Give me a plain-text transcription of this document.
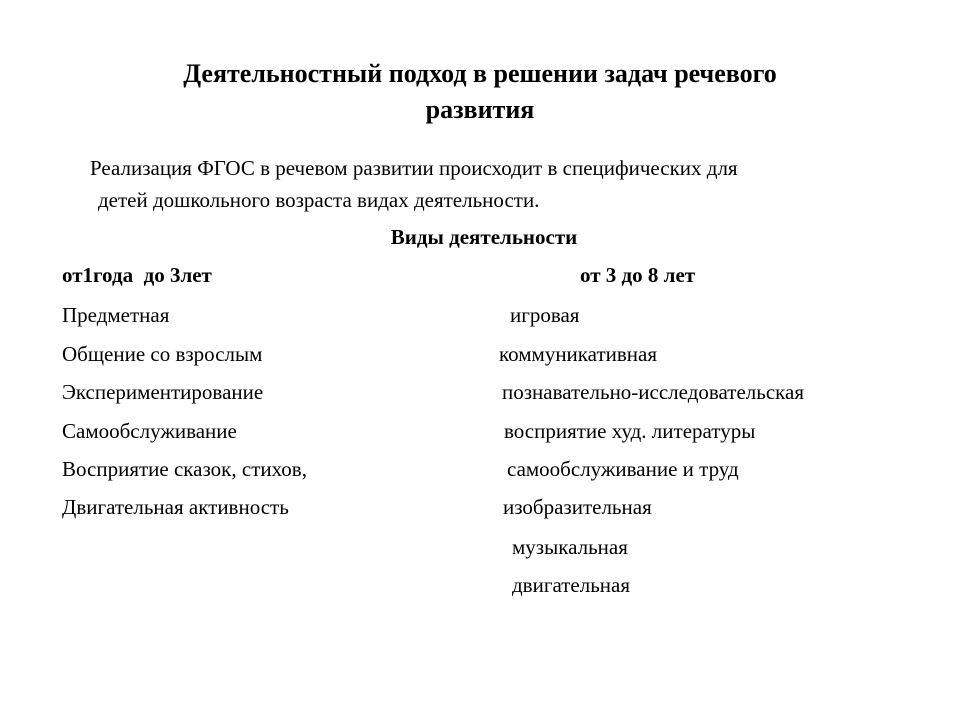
Деятельностный подход в решении задач речевого
развития
Реализация ФГОС в речевом развитии происходит в специфических для
детей дошкольного возраста видах деятельности.
Виды деятельности
от1года  до 3лет	от 3 до 8 лет
Предметная
Общение со взрослым
Экспериментирование
Самообслуживание
Восприятие сказок, стихов,
Двигательная активность
игровая
коммуникативная
познавательно-исследовательская
восприятие худ. литературы
самообслуживание и труд
изобразительная
музыкальная
двигательная
